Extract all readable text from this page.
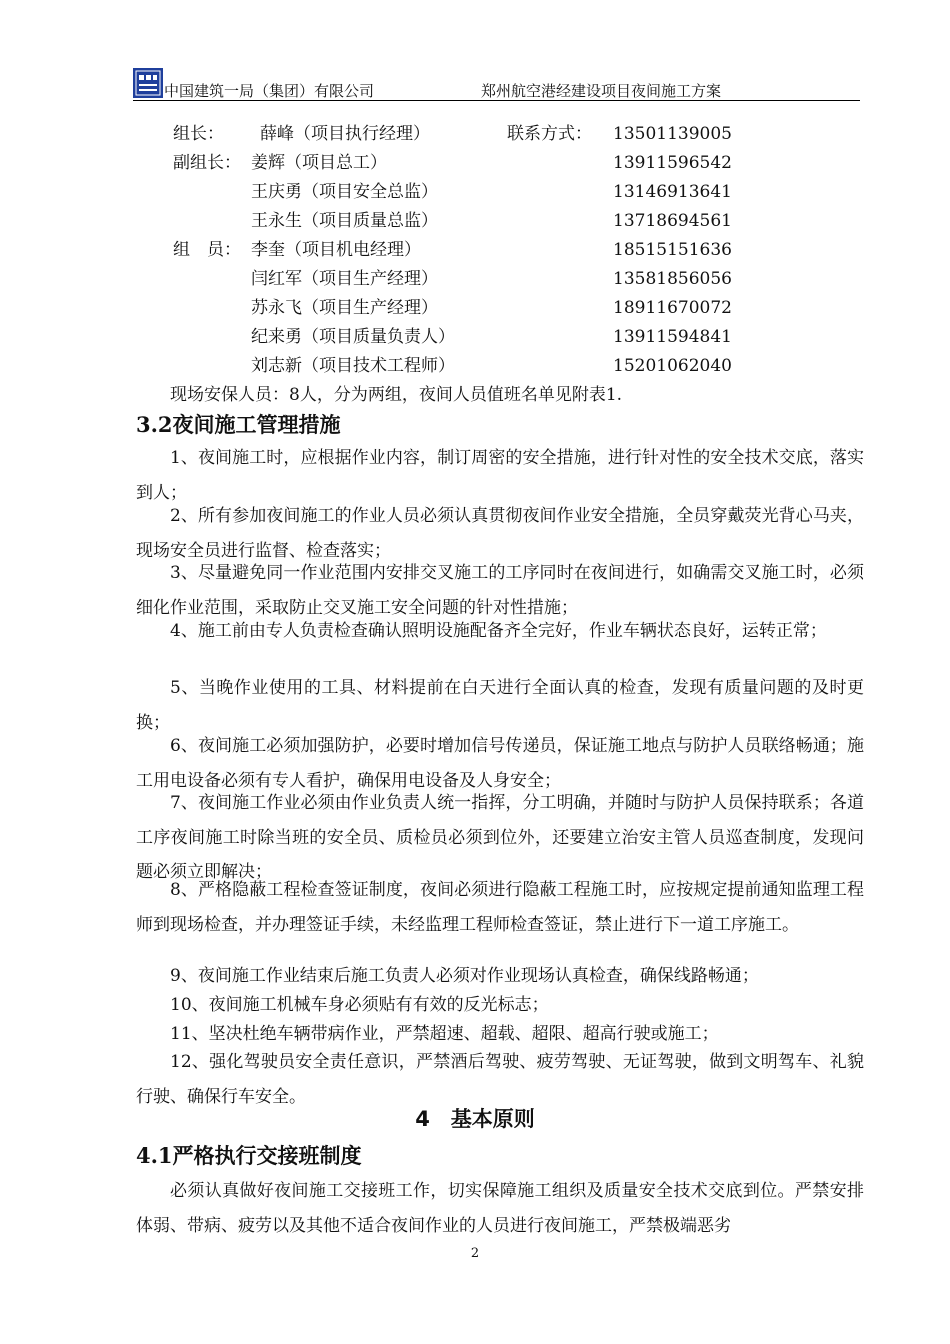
中国建筑一局（集团）有限公司	郑州航空港经建设项目夜间施工方案
组长： 薛峰（项目执行经理）	联系方式： 13501139005
副组长： 姜辉（项目总工）	13911596542
王庆勇（项目安全总监）	13146913641
王永生（项目质量总监）	13718694561
组　员： 李奎（项目机电经理）	18515151636
闫红军（项目生产经理）	13581856056
苏永飞（项目生产经理）	18911670072
纪来勇（项目质量负责人）	13911594841
刘志新（项目技术工程师）	15201062040

现场安保人员：8人，分为两组，夜间人员值班名单见附表1.

3.2夜间施工管理措施

1、夜间施工时，应根据作业内容，制订周密的安全措施，进行针对性的安全技术交底，落实到人；

2、所有参加夜间施工的作业人员必须认真贯彻夜间作业安全措施，全员穿戴荧光背心马夹，现场安全员进行监督、检查落实；

3、尽量避免同一作业范围内安排交叉施工的工序同时在夜间进行，如确需交叉施工时，必须细化作业范围，采取防止交叉施工安全问题的针对性措施；

4、施工前由专人负责检查确认照明设施配备齐全完好，作业车辆状态良好，运转正常；

5、当晚作业使用的工具、材料提前在白天进行全面认真的检查，发现有质量问题的及时更换；

6、夜间施工必须加强防护，必要时增加信号传递员，保证施工地点与防护人员联络畅通；施工用电设备必须有专人看护，确保用电设备及人身安全；

7、夜间施工作业必须由作业负责人统一指挥，分工明确，并随时与防护人员保持联系；各道工序夜间施工时除当班的安全员、质检员必须到位外，还要建立治安主管人员巡查制度，发现问题必须立即解决；

8、严格隐蔽工程检查签证制度，夜间必须进行隐蔽工程施工时，应按规定提前通知监理工程师到现场检查，并办理签证手续，未经监理工程师检查签证，禁止进行下一道工序施工。

9、夜间施工作业结束后施工负责人必须对作业现场认真检查，确保线路畅通；

10、夜间施工机械车身必须贴有有效的反光标志；

11、坚决杜绝车辆带病作业，严禁超速、超载、超限、超高行驶或施工；

12、强化驾驶员安全责任意识，严禁酒后驾驶、疲劳驾驶、无证驾驶，做到文明驾车、礼貌行驶、确保行车安全。

4　基本原则
4.1严格执行交接班制度

必须认真做好夜间施工交接班工作，切实保障施工组织及质量安全技术交底到位。严禁安排体弱、带病、疲劳以及其他不适合夜间作业的人员进行夜间施工，严禁极端恶劣

2
